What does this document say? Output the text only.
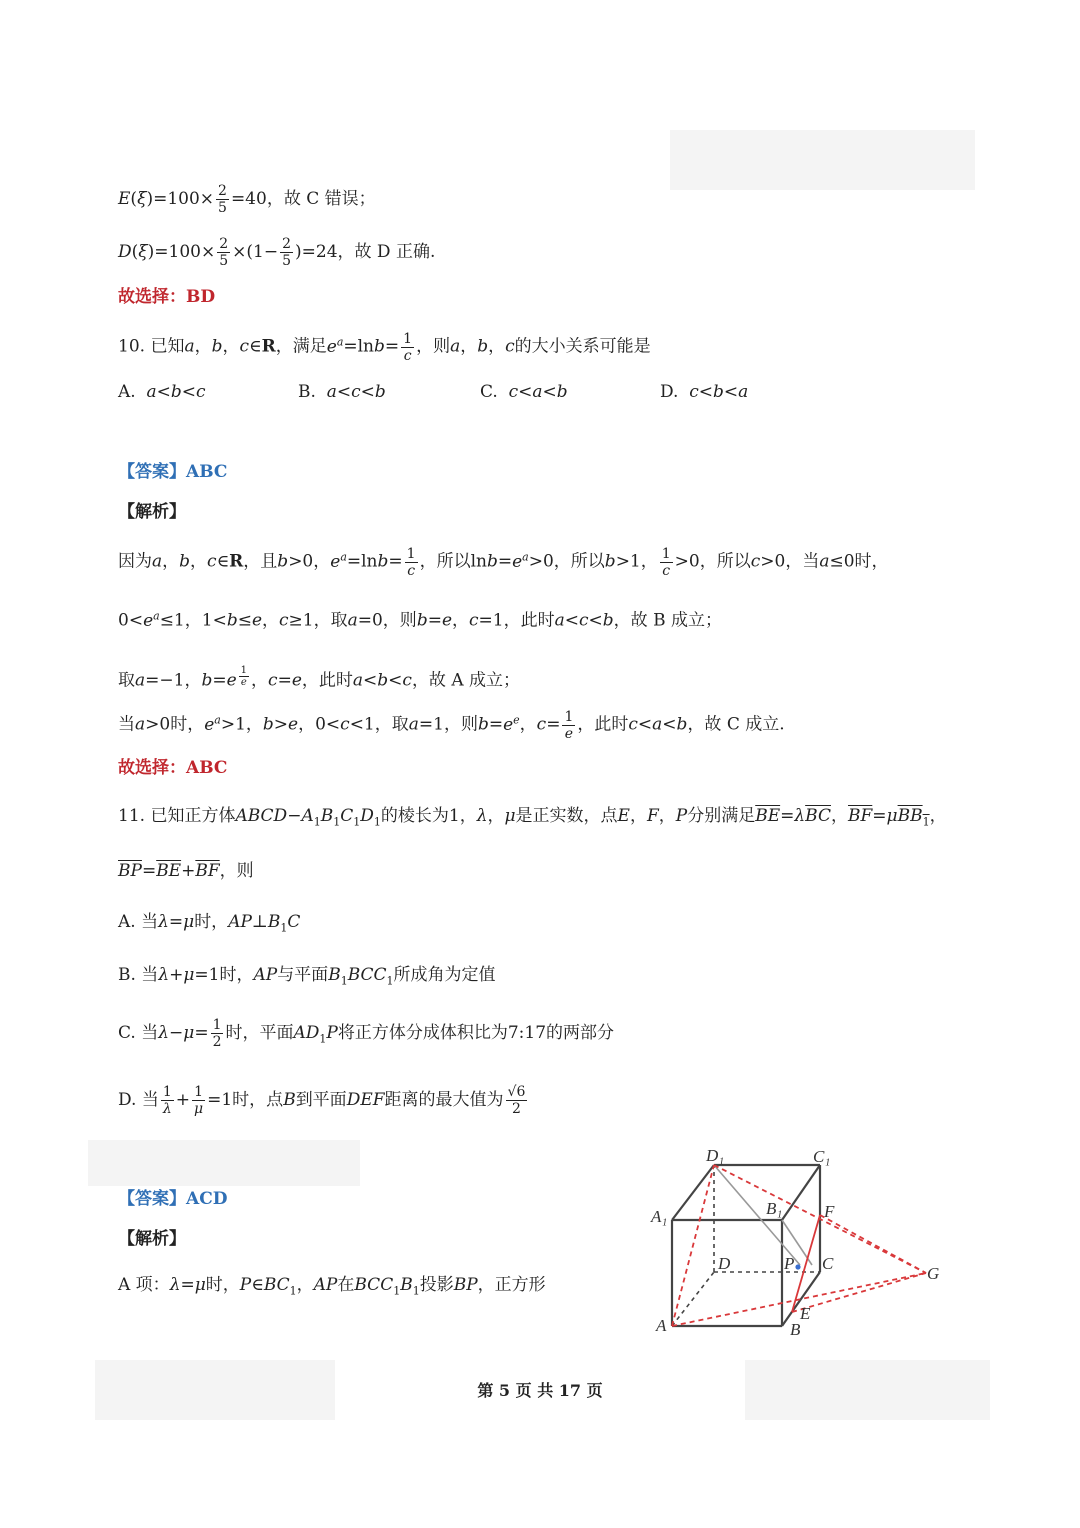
$E(\xi)=100\times \frac{2}{5} =40$，故 C 错误；
$D(\xi)=100\times \frac{2}{5} \times(1- \frac{2}{5} )=24$，故 D 正确.
故选择：BD
10. 已知a，b，c∈R，满足$e^a=\ln b= \frac{1}{c}$ ，则a，b，c的大小关系可能是
A.  a<b<c	B.  a<c<b	C.  c<a<b	D.  c<b<a
【答案】ABC
【解析】
因为a，b，c∈R，且b>0，$e^a=\ln b= \frac{1}{c}$ ，所以$\ln b=e^a>0$，所以b>1， $\frac{1}{c} >0$，所以c>0，当a≤0时，
$0<e^a\le 1$，1<b≤e，c≥1，取a=0，则b=e，c=1，此时a<c<b，故 B 成立；
取a=−1，b=e $^{\frac{1}{e}}$ ，c=e，此时a<b<c，故 A 成立；
当a>0时，$e^a>1$，b>e，0<c<1，取a=1，则$b=e^e$，$c= \frac{1}{e}$ ，此时c<a<b，故 C 成立.
故选择：ABC
11. 已知正方体$ABCD-A_1B_1C_1D_1$的棱长为1，λ，μ是正实数，点E，F，P分别满足$\overline{BE}=\lambda\overline{BC}$，$\overline{BF}=\mu BB_1$，
$\overline{BP}=\overline{BE}+\overline{BF}$，则
A. 当λ=μ时，$AP\perp B_1C$
B. 当λ+μ=1时，AP与平面$B_1BCC_1$所成角为定值
C. 当$\lambda-\mu= \frac{1}{2}$ 时，平面$AD_1P$将正方体分成体积比为7:17的两部分
D. 当 $\frac{1}{\lambda} + \frac{1}{\mu} =1$时，点B到平面DEF距离的最大值为 $\frac{√6}{2}$
【答案】ACD
【解析】
A 项：λ=μ时，$P\in BC_1$，AP在$BCC_1B_1$投影BP，正方形
D₁	C₁
A₁	B₁ F
D	P C
G
E
A	B
第 5 页 共 17 页
